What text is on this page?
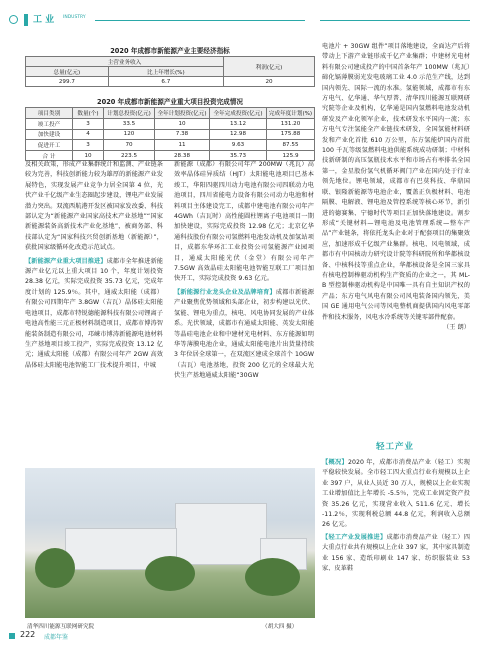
工 业 INDUSTRY
2020 年成都市新能源产业主要经济指标
主营业务收入		利润(亿元)
总量(亿元)	比上年增长(%)	
299.7	6.7	20
2020 年成都市新能源产业重大项目投资完成情况
项目类别	数量(个)	计划总投资(亿元)	全年计划投资(亿元)	全年完成投资(亿元)	完成年度计划(%)
竣工投产	3	33.5	10	13.12	131.20
加快建设	4	120	7.38	12.98	175.88
促进开工	3	70	11	9.63	87.55
合 计	10	223.5	28.38	35.73	125.9
及相关政策，形成产业集群统计和监测、产业链条较为完善，科技创新能力较为雄厚的新能源产业发展特色，实现发展产业竞争力居全国第 4 位，光伏产业千亿级产业生态圈起步建设，锂电产业发展潜力突出。双流西航港开发区被国家发改委、科技部认定为“新能源产业国家高技术产业基地”“国家新能源装备高新技术产业化基地”，被商务部、科技部认定为“国家科技兴贸创新基地（新能源）”，获批国家级循环化改造示范试点。
【新能源产业重大项目推进】成都市全年推进新能源产业亿元以上重大项目 10 个，年度计划投资 28.38 亿元，实际完成投资 35.73 亿元，完成年度计划的 125.9％。其中，通威太阳能（成都）有限公司四期年产 3.8GW（吉瓦）晶体硅太阳能电池项目，成都市特锐德能源科技有限公司锂离子电池高性能三元正极材料制造项目，成都市博涛智能装备制造有限公司，邛崃市博涛新能源电池材料生产基地项目竣工投产，实际完成投资 13.12 亿元；通威太阳能（成都）有限公司年产 2GW 高效晶体硅太阳能电池智能工厂技术提升项目，中城
新能源（成都）有限公司年产 200MW（兆瓦）高效率晶体硅异质结（HJT）太阳能电池项目已基本竣工，华阳四驱四川动力电池有限公司四联动力电池项目，四川省能电力设备有限公司动力电池和材料项目主体建设完工，成都中建电池有限公司年产 4GWh（吉瓦时）高性能圆柱锂离子电池项目一期加快建设，实际完成投资 12.98 亿元；北京亿华通科技股份有限公司氢燃料电池发动机及加氢站项目，成都东华环汇工业投资公司氢能源产业园项目，通威太阳能光伏（金堂）有限公司年产 7.5GW 高效晶硅太阳能电池智能互联工厂项目加快开工，实际完成投资 9.63 亿元。
【新能源行业龙头企业及品牌培育】成都市新能源产业聚焦优势领域和头部企业，初步构建以光伏、氢能、锂电为重点，核电、风电协同发展的产业体系。光伏领域，成都市有通威太阳能、英发太阳能等晶硅电池企业和中建材光电材料、东方能源如明华等薄膜电池企业，通威太阳能电池片出货量持续 3 年位居全球第一，在双流区建成全球首个 10GW（吉瓦）电池基地，投资 200 亿元的全球最大光伏生产基地通威太阳能“30GW
清华四川能源互联网研究院	（胡大四 摄）
电池片 + 30GW 组件”项目落地建设，全面达产后将带动上下游产业链形成千亿产业集群；中建材光电材料有限公司建成投产的中国首条年产 100MW（兆瓦）碲化镉薄膜弱光发电玻璃工业 4.0 示范生产线，达到国内领先、国际一流的水准。氢能领域，成都市有东方电气、亿华通、华气厚普、清华四川能源互联网研究院等企业及机构，亿华通是国内氢燃料电池发动机研发及产业化领军企业，技术研发水平国内一流；东方电气专注氢能全产业链技术研发，全国氢能材料研发和产业化首批 610 万公里，东方氢能炉国内首批 100 千瓦等级氢燃料电池供能系统成功研制；中材科技新研制的高压氢瓶技术水平和市场占有率排名全国第一，金星股份氢气机循环阀门产业在国内处于行业领先地位。锂电领域，成都市有巴莫科技、华鼎国联、银隆新能源等电池企业，覆盖正负极材料、电池隔膜、电解液、锂电池及管控系统等核心环节，新引进的德赛集、宁德时代等项目正加快落地建设。割步形成“关键材料—锂电池及电池管理系统—整车产品”产业链条，将依托龙头企业对于配套项目的集聚效应，加速形成千亿级产业集群。核电、风电领域，成都市有中国核动力研究设计院等科研院所和华都核设备、中核科技等重点企业，华都核设备是全国三家具有核电控制棒驱动机构生产资质的企业之一，其 ML-B 型控制棒驱动机构是中国唯一具有自主知识产权的产品；东方电气风电有限公司风电装备国内领先，美国 GE 通用电气公司等风电整机商提供国内风电零部件和技术服务，风电水冷系统等关键零部件配套。
（王 朗）
轻工产业
【概况】2020 年，成都市消费品产业（轻工）实现平稳较快发展。全市轻工四大重点行业有规模以上企业 397 户，从业人员近 30 万人，规模以上企业实现工业增加值比上年增长 -5.5％，完成工业固定资产投资 35.26 亿元，实现营业收入 511.6 亿元、增长 -11.2％，实现利税总额 44.8 亿元，利润收入总额 26 亿元。
【轻工产业发展推进】成都市消费品产业（轻工）四大重点行业共有规模以上企业 397 家，其中家具制造业 156 家、造纸印刷业 147 家、纺织服装业 53 家、皮革鞋
222 成都年鉴
